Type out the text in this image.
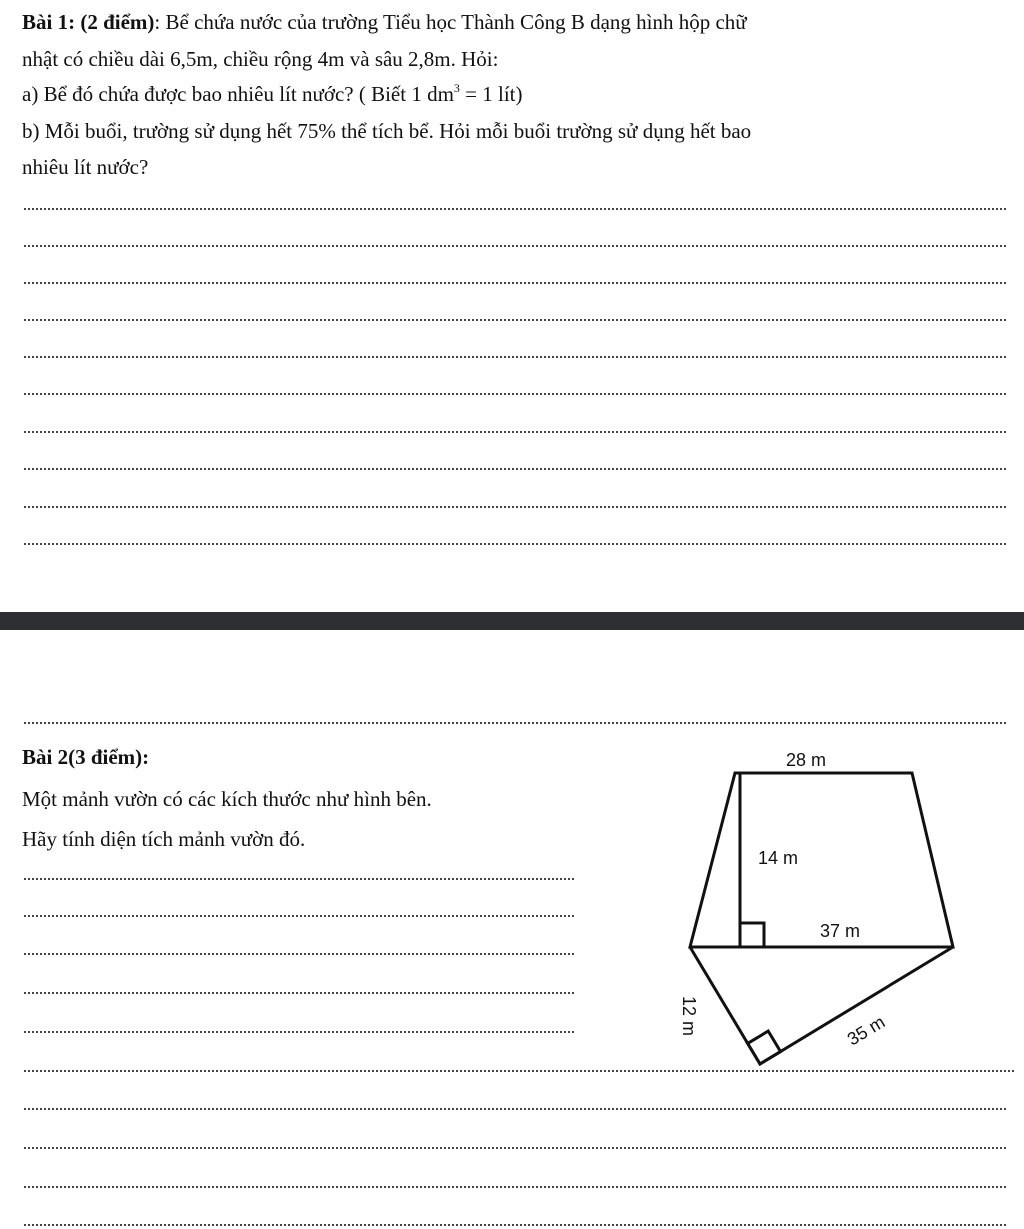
Bài 1: (2 điểm): Bể chứa nước của trường Tiểu học Thành Công B dạng hình hộp chữ
nhật có chiều dài 6,5m, chiều rộng 4m và sâu 2,8m. Hỏi:
a) Bể đó chứa được bao nhiêu lít nước? ( Biết 1 $dm^3 = 1$ lít)
b) Mỗi buổi, trường sử dụng hết 75% thể tích bể. Hỏi mỗi buổi trường sử dụng hết bao
nhiêu lít nước?
Bài 2(3 điểm):
Một mảnh vườn có các kích thước như hình bên.
Hãy tính diện tích mảnh vườn đó.
28 m
14 m
37 m
12 m	35 m
